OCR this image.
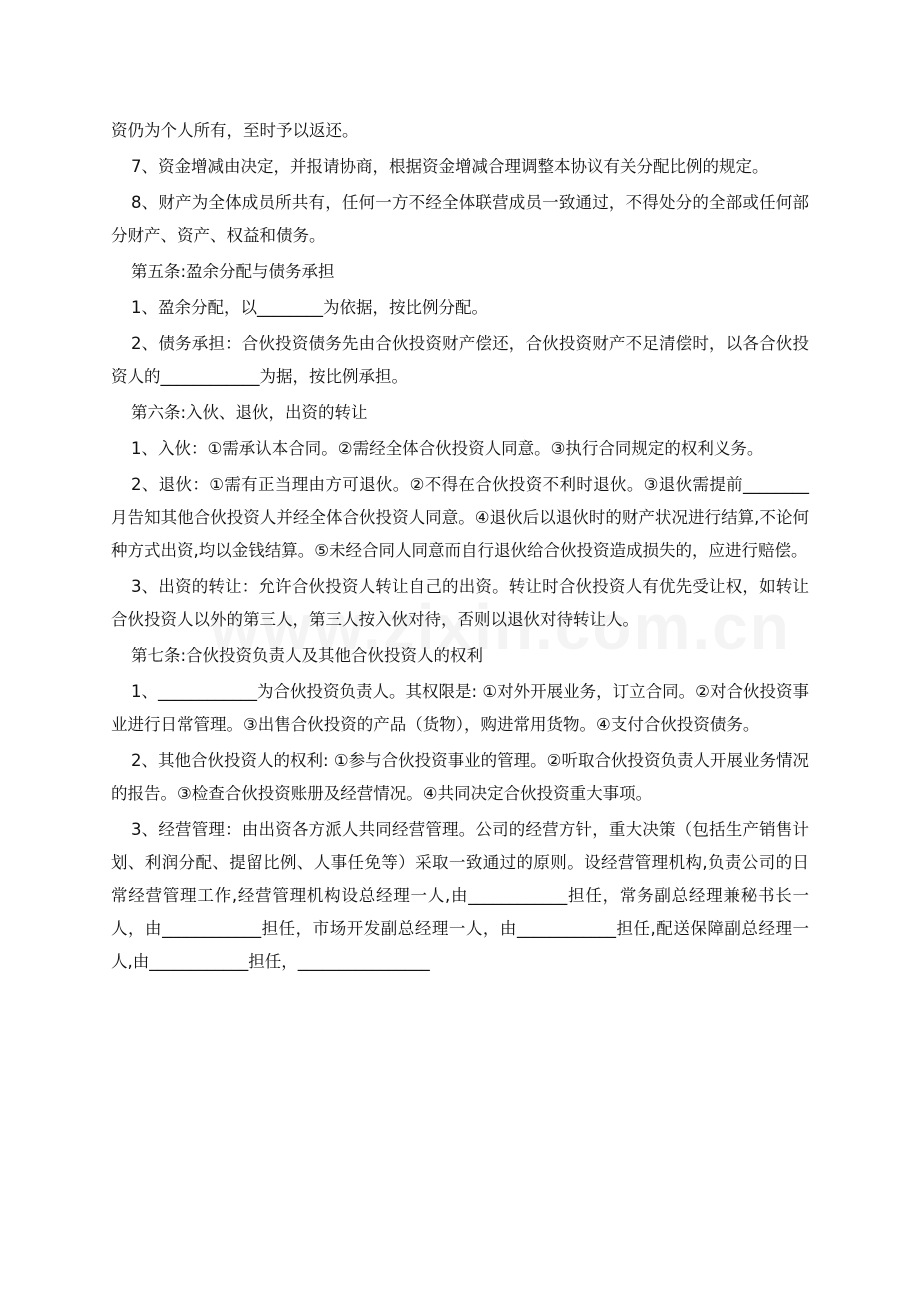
资仍为个人所有，至时予以返还。

7、资金增减由决定，并报请协商，根据资金增减合理调整本协议有关分配比例的规定。

8、财产为全体成员所共有，任何一方不经全体联营成员一致通过，不得处分的全部或任何部分财产、资产、权益和债务。

第五条:盈余分配与债务承担

1、盈余分配，以________为依据，按比例分配。

2、债务承担：合伙投资债务先由合伙投资财产偿还，合伙投资财产不足清偿时，以各合伙投资人的____________为据，按比例承担。

第六条:入伙、退伙，出资的转让

1、入伙：①需承认本合同。②需经全体合伙投资人同意。③执行合同规定的权利义务。

2、退伙：①需有正当理由方可退伙。②不得在合伙投资不利时退伙。③退伙需提前________月告知其他合伙投资人并经全体合伙投资人同意。④退伙后以退伙时的财产状况进行结算,不论何种方式出资,均以金钱结算。⑤未经合同人同意而自行退伙给合伙投资造成损失的，应进行赔偿。

3、出资的转让：允许合伙投资人转让自己的出资。转让时合伙投资人有优先受让权，如转让合伙投资人以外的第三人，第三人按入伙对待，否则以退伙对待转让人。

第七条:合伙投资负责人及其他合伙投资人的权利

1、____________为合伙投资负责人。其权限是: ①对外开展业务，订立合同。②对合伙投资事业进行日常管理。③出售合伙投资的产品（货物），购进常用货物。④支付合伙投资债务。

2、其他合伙投资人的权利: ①参与合伙投资事业的管理。②听取合伙投资负责人开展业务情况的报告。③检查合伙投资账册及经营情况。④共同决定合伙投资重大事项。

3、经营管理：由出资各方派人共同经营管理。公司的经营方针，重大决策（包括生产销售计划、利润分配、提留比例、人事任免等）采取一致通过的原则。设经营管理机构,负责公司的日常经营管理工作,经营管理机构设总经理一人,由____________担任，常务副总经理兼秘书长一人，由____________担任，市场开发副总经理一人，由____________担任,配送保障副总经理一人,由____________担任，________________
